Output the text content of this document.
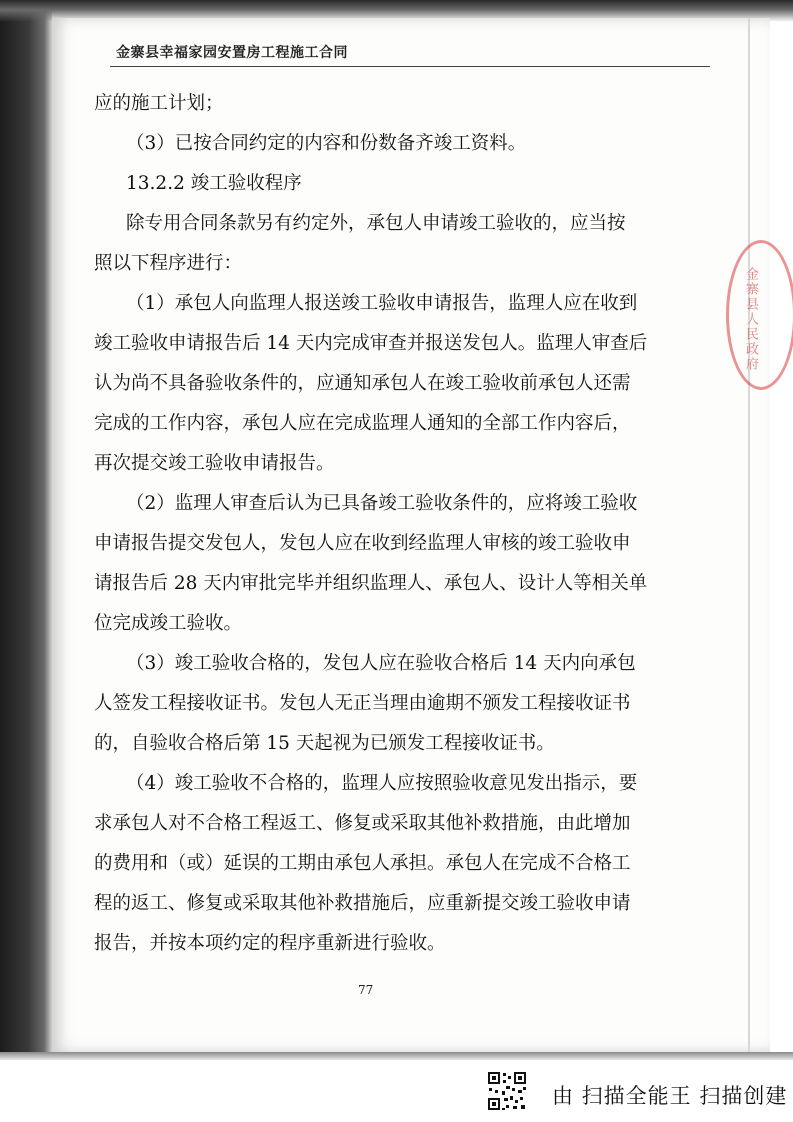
金寨县幸福家园安置房工程施工合同
应的施工计划；
（3）已按合同约定的内容和份数备齐竣工资料。
13.2.2 竣工验收程序
除专用合同条款另有约定外，承包人申请竣工验收的，应当按
照以下程序进行：
（1）承包人向监理人报送竣工验收申请报告，监理人应在收到
竣工验收申请报告后 14 天内完成审查并报送发包人。监理人审查后
认为尚不具备验收条件的，应通知承包人在竣工验收前承包人还需
完成的工作内容，承包人应在完成监理人通知的全部工作内容后，
再次提交竣工验收申请报告。
（2）监理人审查后认为已具备竣工验收条件的，应将竣工验收
申请报告提交发包人，发包人应在收到经监理人审核的竣工验收申
请报告后 28 天内审批完毕并组织监理人、承包人、设计人等相关单
位完成竣工验收。
（3）竣工验收合格的，发包人应在验收合格后 14 天内向承包
人签发工程接收证书。发包人无正当理由逾期不颁发工程接收证书
的，自验收合格后第 15 天起视为已颁发工程接收证书。
（4）竣工验收不合格的，监理人应按照验收意见发出指示，要
求承包人对不合格工程返工、修复或采取其他补救措施，由此增加
的费用和（或）延误的工期由承包人承担。承包人在完成不合格工
程的返工、修复或采取其他补救措施后，应重新提交竣工验收申请
报告，并按本项约定的程序重新进行验收。
77
金寨县人民政府
由 扫描全能王 扫描创建
